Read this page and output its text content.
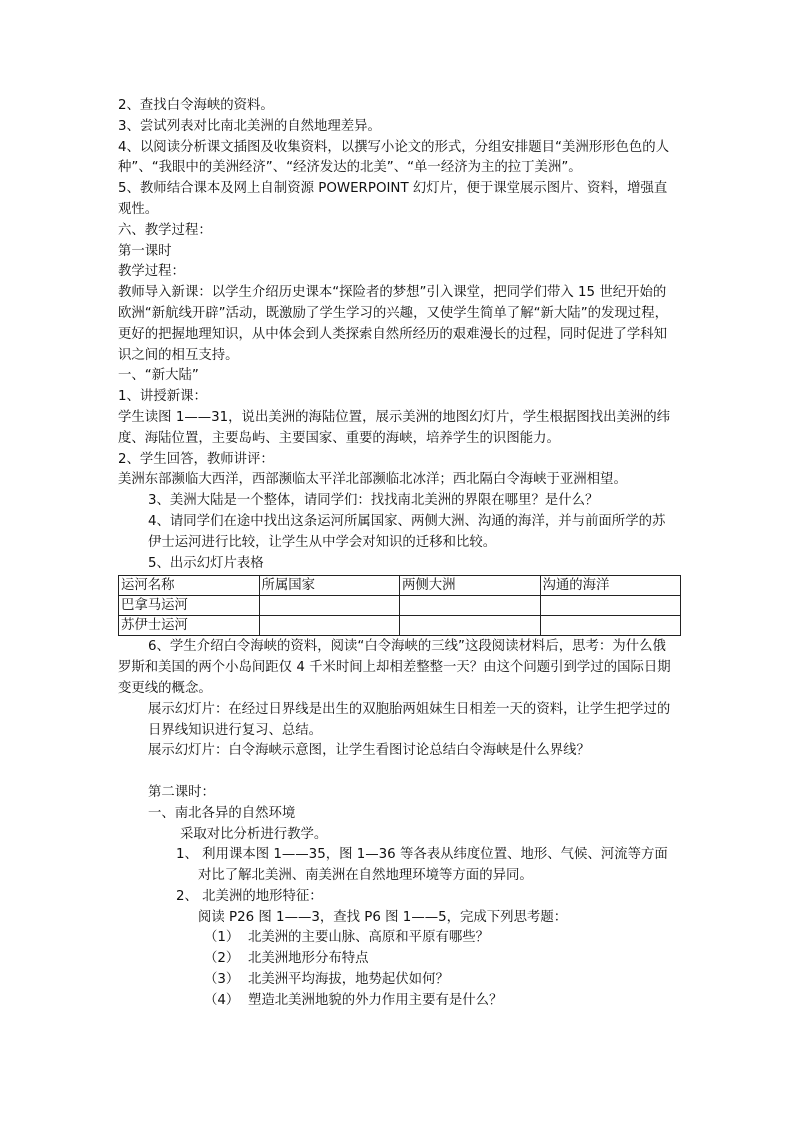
2、查找白令海峡的资料。

3、尝试列表对比南北美洲的自然地理差异。

4、以阅读分析课文插图及收集资料，以撰写小论文的形式，分组安排题目“美洲形形色色的人种”、“我眼中的美洲经济”、“经济发达的北美”、“单一经济为主的拉丁美洲”。

5、教师结合课本及网上自制资源 POWERPOINT 幻灯片，便于课堂展示图片、资料，增强直观性。

六、教学过程：

第一课时

教学过程：

教师导入新课：以学生介绍历史课本“探险者的梦想”引入课堂，把同学们带入 15 世纪开始的欧洲“新航线开辟”活动，既激励了学生学习的兴趣，又使学生简单了解“新大陆”的发现过程，更好的把握地理知识，从中体会到人类探索自然所经历的艰难漫长的过程，同时促进了学科知识之间的相互支持。

一、“新大陆”

1、讲授新课：

学生读图 1——31，说出美洲的海陆位置，展示美洲的地图幻灯片，学生根据图找出美洲的纬度、海陆位置，主要岛屿、主要国家、重要的海峡，培养学生的识图能力。

2、学生回答，教师讲评：

美洲东部濒临大西洋，西部濒临太平洋北部濒临北冰洋；西北隔白令海峡于亚洲相望。

3、美洲大陆是一个整体，请同学们：找找南北美洲的界限在哪里？是什么？

4、请同学们在途中找出这条运河所属国家、两侧大洲、沟通的海洋，并与前面所学的苏伊士运河进行比较，让学生从中学会对知识的迁移和比较。

5、出示幻灯片表格

运河名称	所属国家	两侧大洲	沟通的海洋
巴拿马运河			
苏伊士运河			

6、学生介绍白令海峡的资料，阅读“白令海峡的三线”这段阅读材料后，思考：为什么俄罗斯和美国的两个小岛间距仅 4 千米时间上却相差整整一天？由这个问题引到学过的国际日期变更线的概念。

展示幻灯片：在经过日界线是出生的双胞胎两姐妹生日相差一天的资料，让学生把学过的日界线知识进行复习、总结。

展示幻灯片：白令海峡示意图，让学生看图讨论总结白令海峡是什么界线？

第二课时：

一、南北各异的自然环境

采取对比分析进行教学。

1、 利用课本图 1——35，图 1—36 等各表从纬度位置、地形、气候、河流等方面对比了解北美洲、南美洲在自然地理环境等方面的异同。

2、 北美洲的地形特征：

阅读 P26 图 1——3，查找 P6 图 1——5，完成下列思考题：

（1） 北美洲的主要山脉、高原和平原有哪些？
（2） 北美洲地形分布特点
（3） 北美洲平均海拔，地势起伏如何？
（4） 塑造北美洲地貌的外力作用主要有是什么？
